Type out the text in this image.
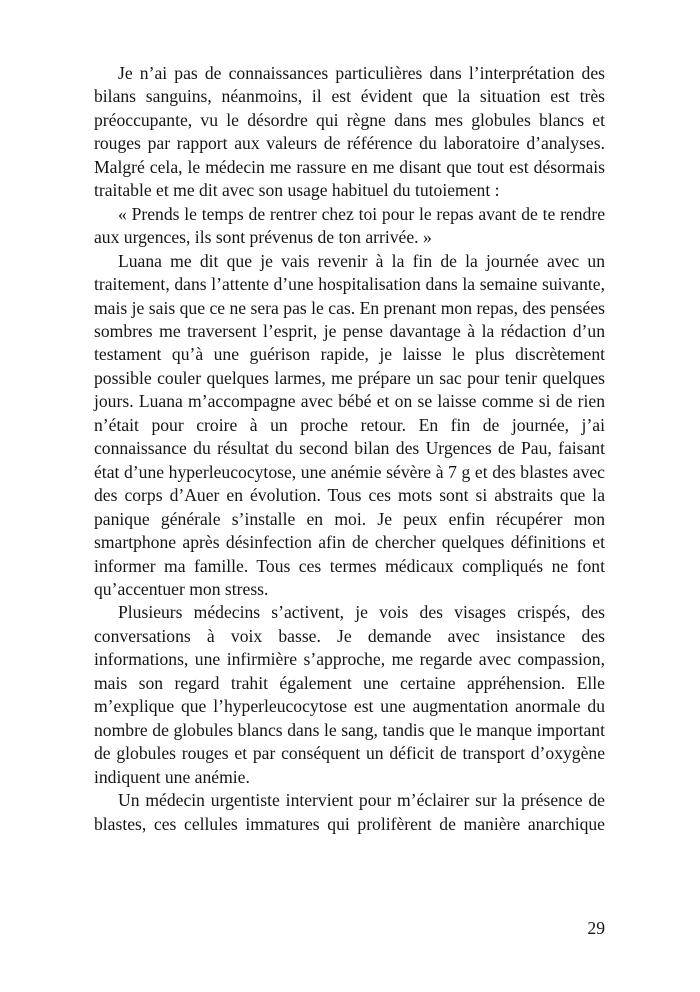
Je n’ai pas de connaissances particulières dans l’interprétation des bilans sanguins, néanmoins, il est évident que la situation est très préoccupante, vu le désordre qui règne dans mes globules blancs et rouges par rapport aux valeurs de référence du laboratoire d’analyses. Malgré cela, le médecin me rassure en me disant que tout est désormais traitable et me dit avec son usage habituel du tutoiement :

« Prends le temps de rentrer chez toi pour le repas avant de te rendre aux urgences, ils sont prévenus de ton arrivée. »

Luana me dit que je vais revenir à la fin de la journée avec un traitement, dans l’attente d’une hospitalisation dans la semaine suivante, mais je sais que ce ne sera pas le cas. En prenant mon repas, des pensées sombres me traversent l’esprit, je pense davantage à la rédaction d’un testament qu’à une guérison rapide, je laisse le plus discrètement possible couler quelques larmes, me prépare un sac pour tenir quelques jours. Luana m’accompagne avec bébé et on se laisse comme si de rien n’était pour croire à un proche retour. En fin de journée, j’ai connaissance du résultat du second bilan des Urgences de Pau, faisant état d’une hyperleucocytose, une anémie sévère à 7 g et des blastes avec des corps d’Auer en évolution. Tous ces mots sont si abstraits que la panique générale s’installe en moi. Je peux enfin récupérer mon smartphone après désinfection afin de chercher quelques définitions et informer ma famille. Tous ces termes médicaux compliqués ne font qu’accentuer mon stress.

Plusieurs médecins s’activent, je vois des visages crispés, des conversations à voix basse. Je demande avec insistance des informations, une infirmière s’approche, me regarde avec compassion, mais son regard trahit également une certaine appréhension. Elle m’explique que l’hyperleucocytose est une augmentation anormale du nombre de globules blancs dans le sang, tandis que le manque important de globules rouges et par conséquent un déficit de transport d’oxygène indiquent une anémie.

Un médecin urgentiste intervient pour m’éclairer sur la présence de blastes, ces cellules immatures qui prolifèrent de manière anarchique

29
